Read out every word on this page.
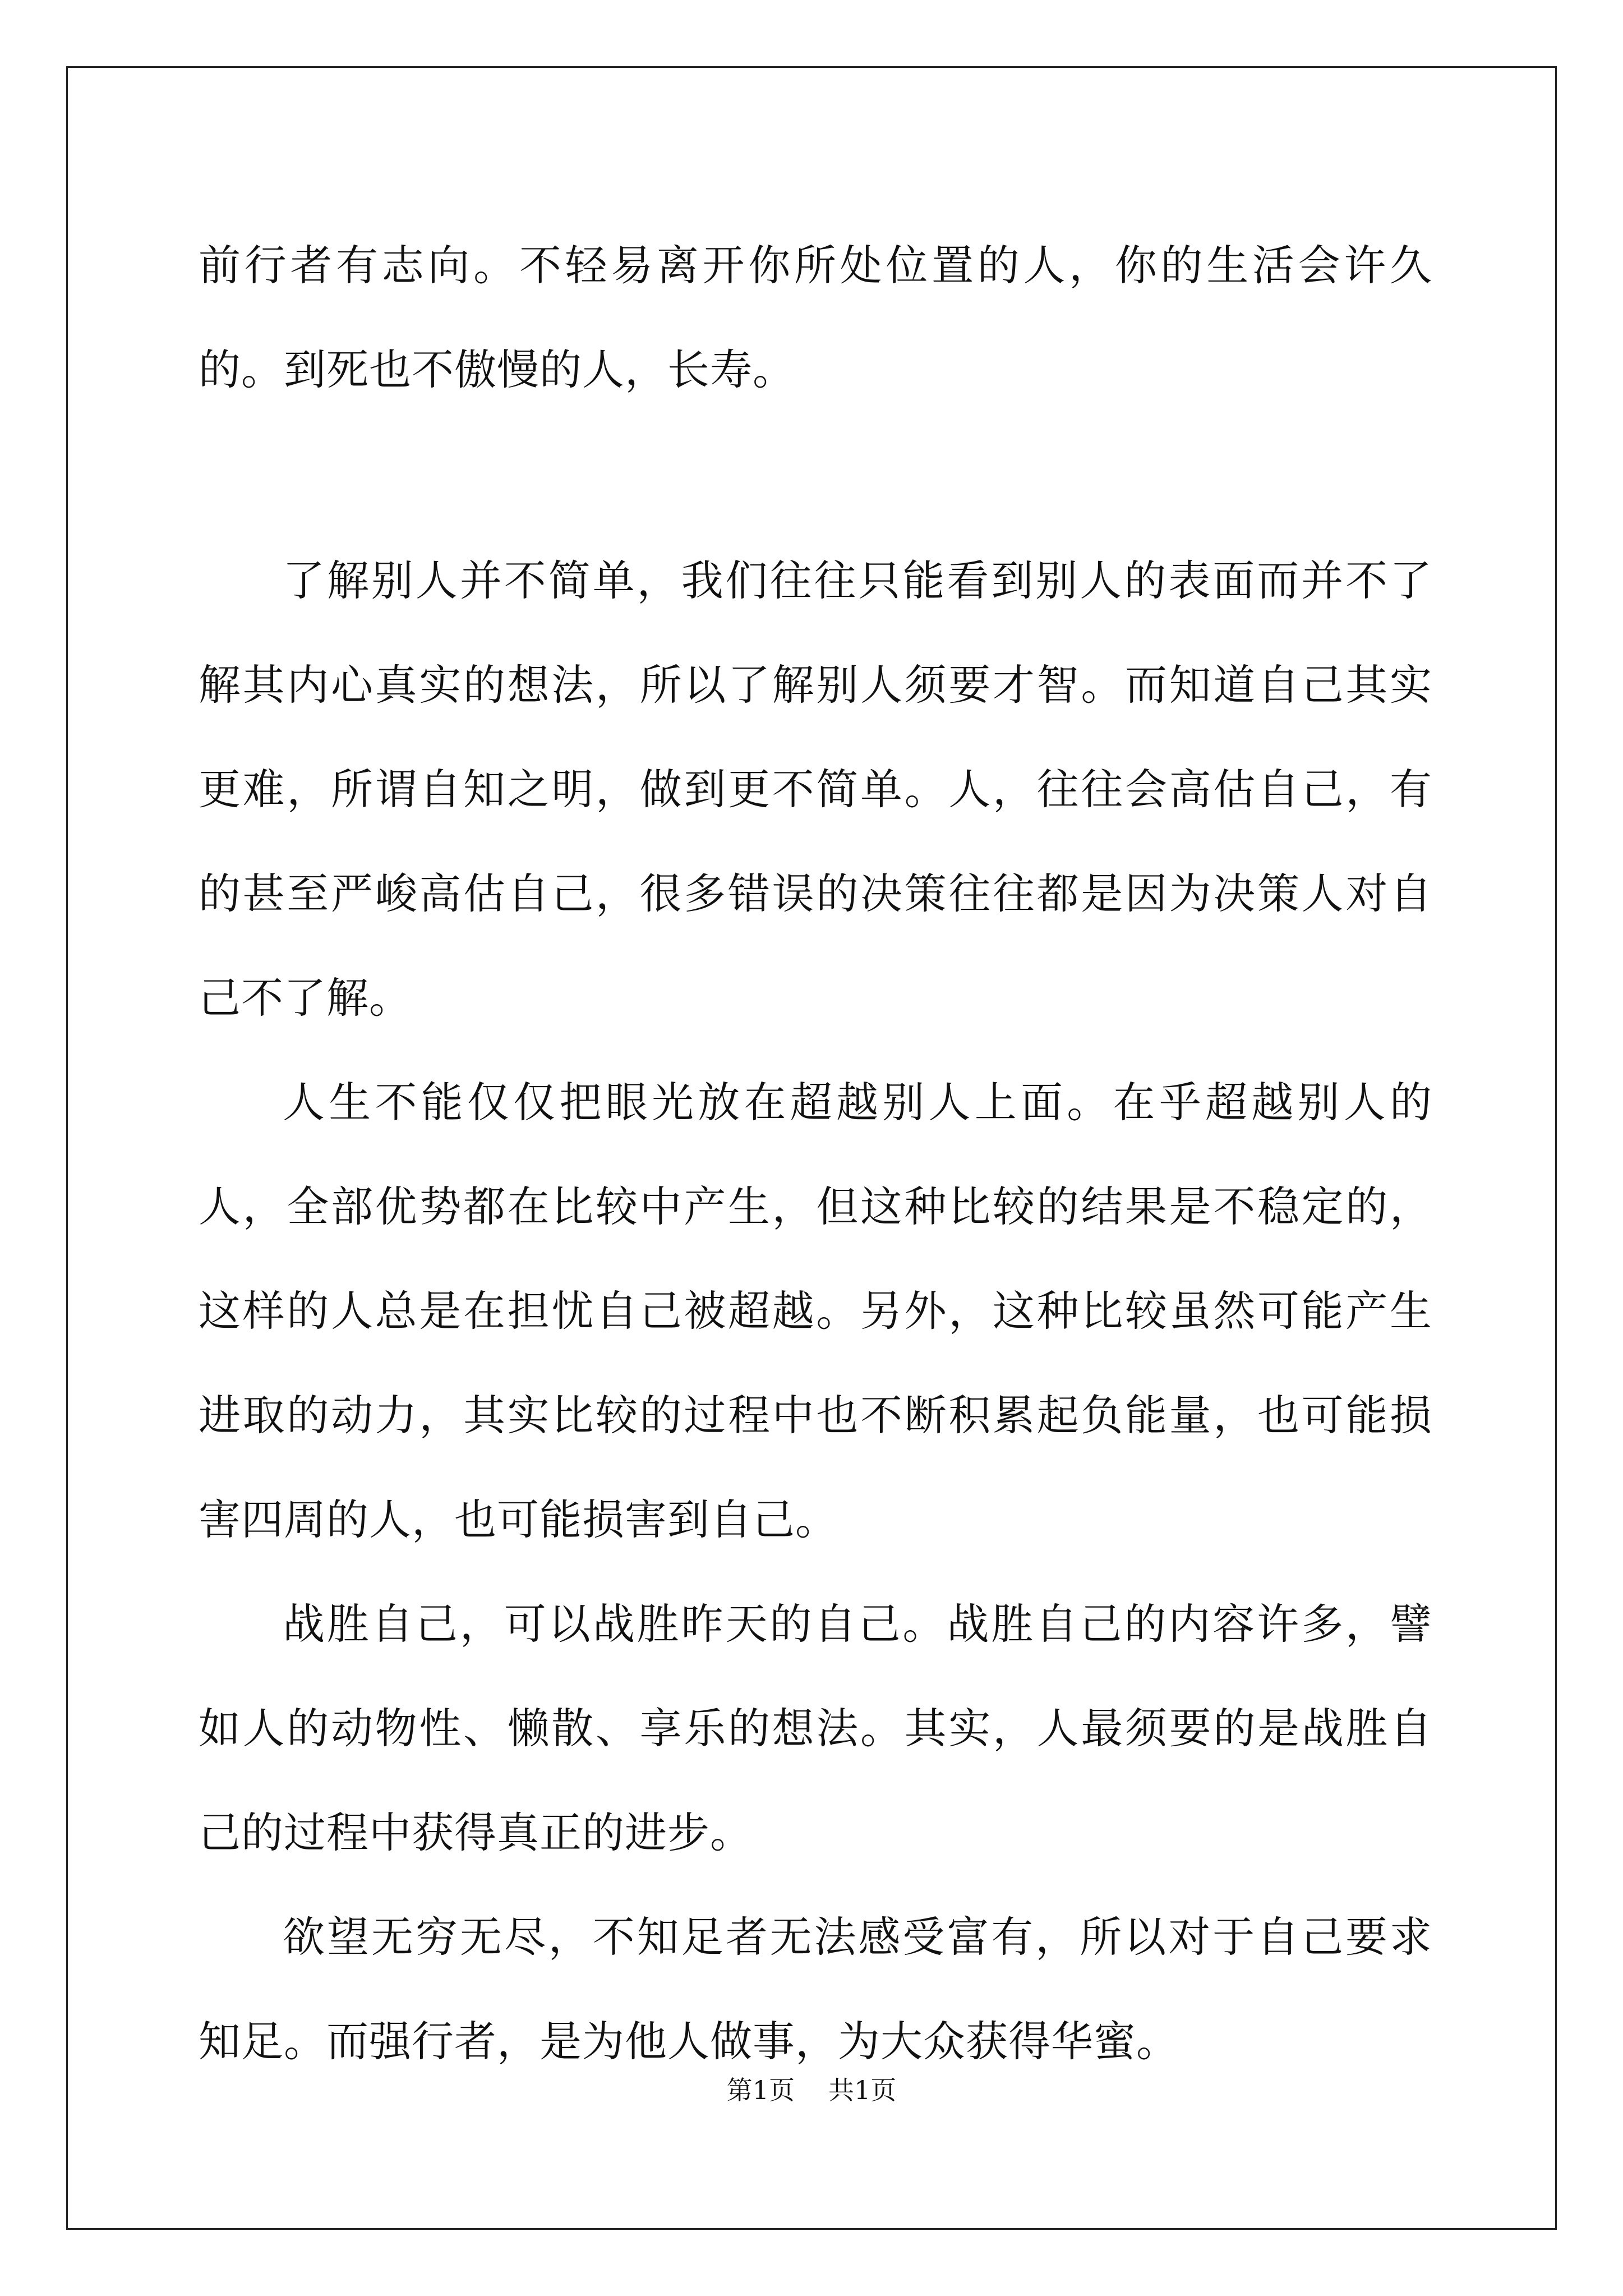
前行者有志向。不轻易离开你所处位置的人，你的生活会许久的。到死也不傲慢的人，长寿。

了解别人并不简单，我们往往只能看到别人的表面而并不了解其内心真实的想法，所以了解别人须要才智。而知道自己其实更难，所谓自知之明，做到更不简单。人，往往会高估自己，有的甚至严峻高估自己，很多错误的决策往往都是因为决策人对自己不了解。

人生不能仅仅把眼光放在超越别人上面。在乎超越别人的人，全部优势都在比较中产生，但这种比较的结果是不稳定的，这样的人总是在担忧自己被超越。另外，这种比较虽然可能产生进取的动力，其实比较的过程中也不断积累起负能量，也可能损害四周的人，也可能损害到自己。

战胜自己，可以战胜昨天的自己。战胜自己的内容许多，譬如人的动物性、懒散、享乐的想法。其实，人最须要的是战胜自己的过程中获得真正的进步。

欲望无穷无尽，不知足者无法感受富有，所以对于自己要求知足。而强行者，是为他人做事，为大众获得华蜜。

第1页 共1页
